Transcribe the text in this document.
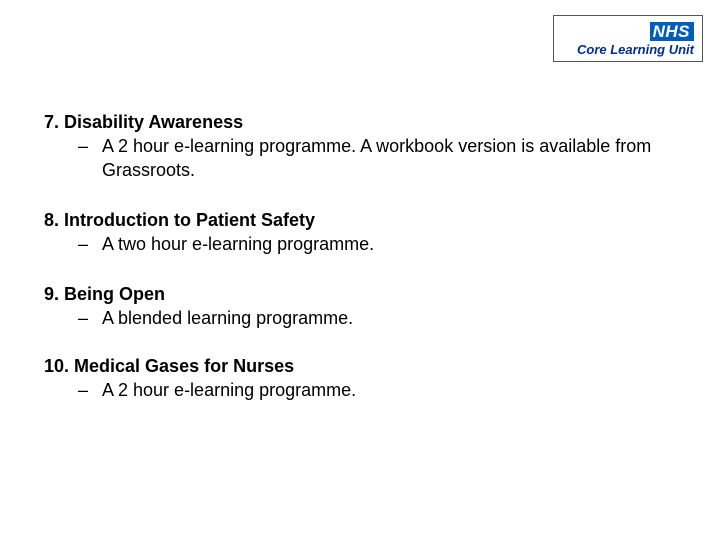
NHS
Core Learning Unit
7. Disability Awareness
– A 2 hour e-learning programme. A workbook version is available from Grassroots.
8. Introduction to Patient Safety
– A two hour e-learning programme.
9. Being Open
– A blended learning programme.
10. Medical Gases for Nurses
– A 2 hour e-learning programme.
